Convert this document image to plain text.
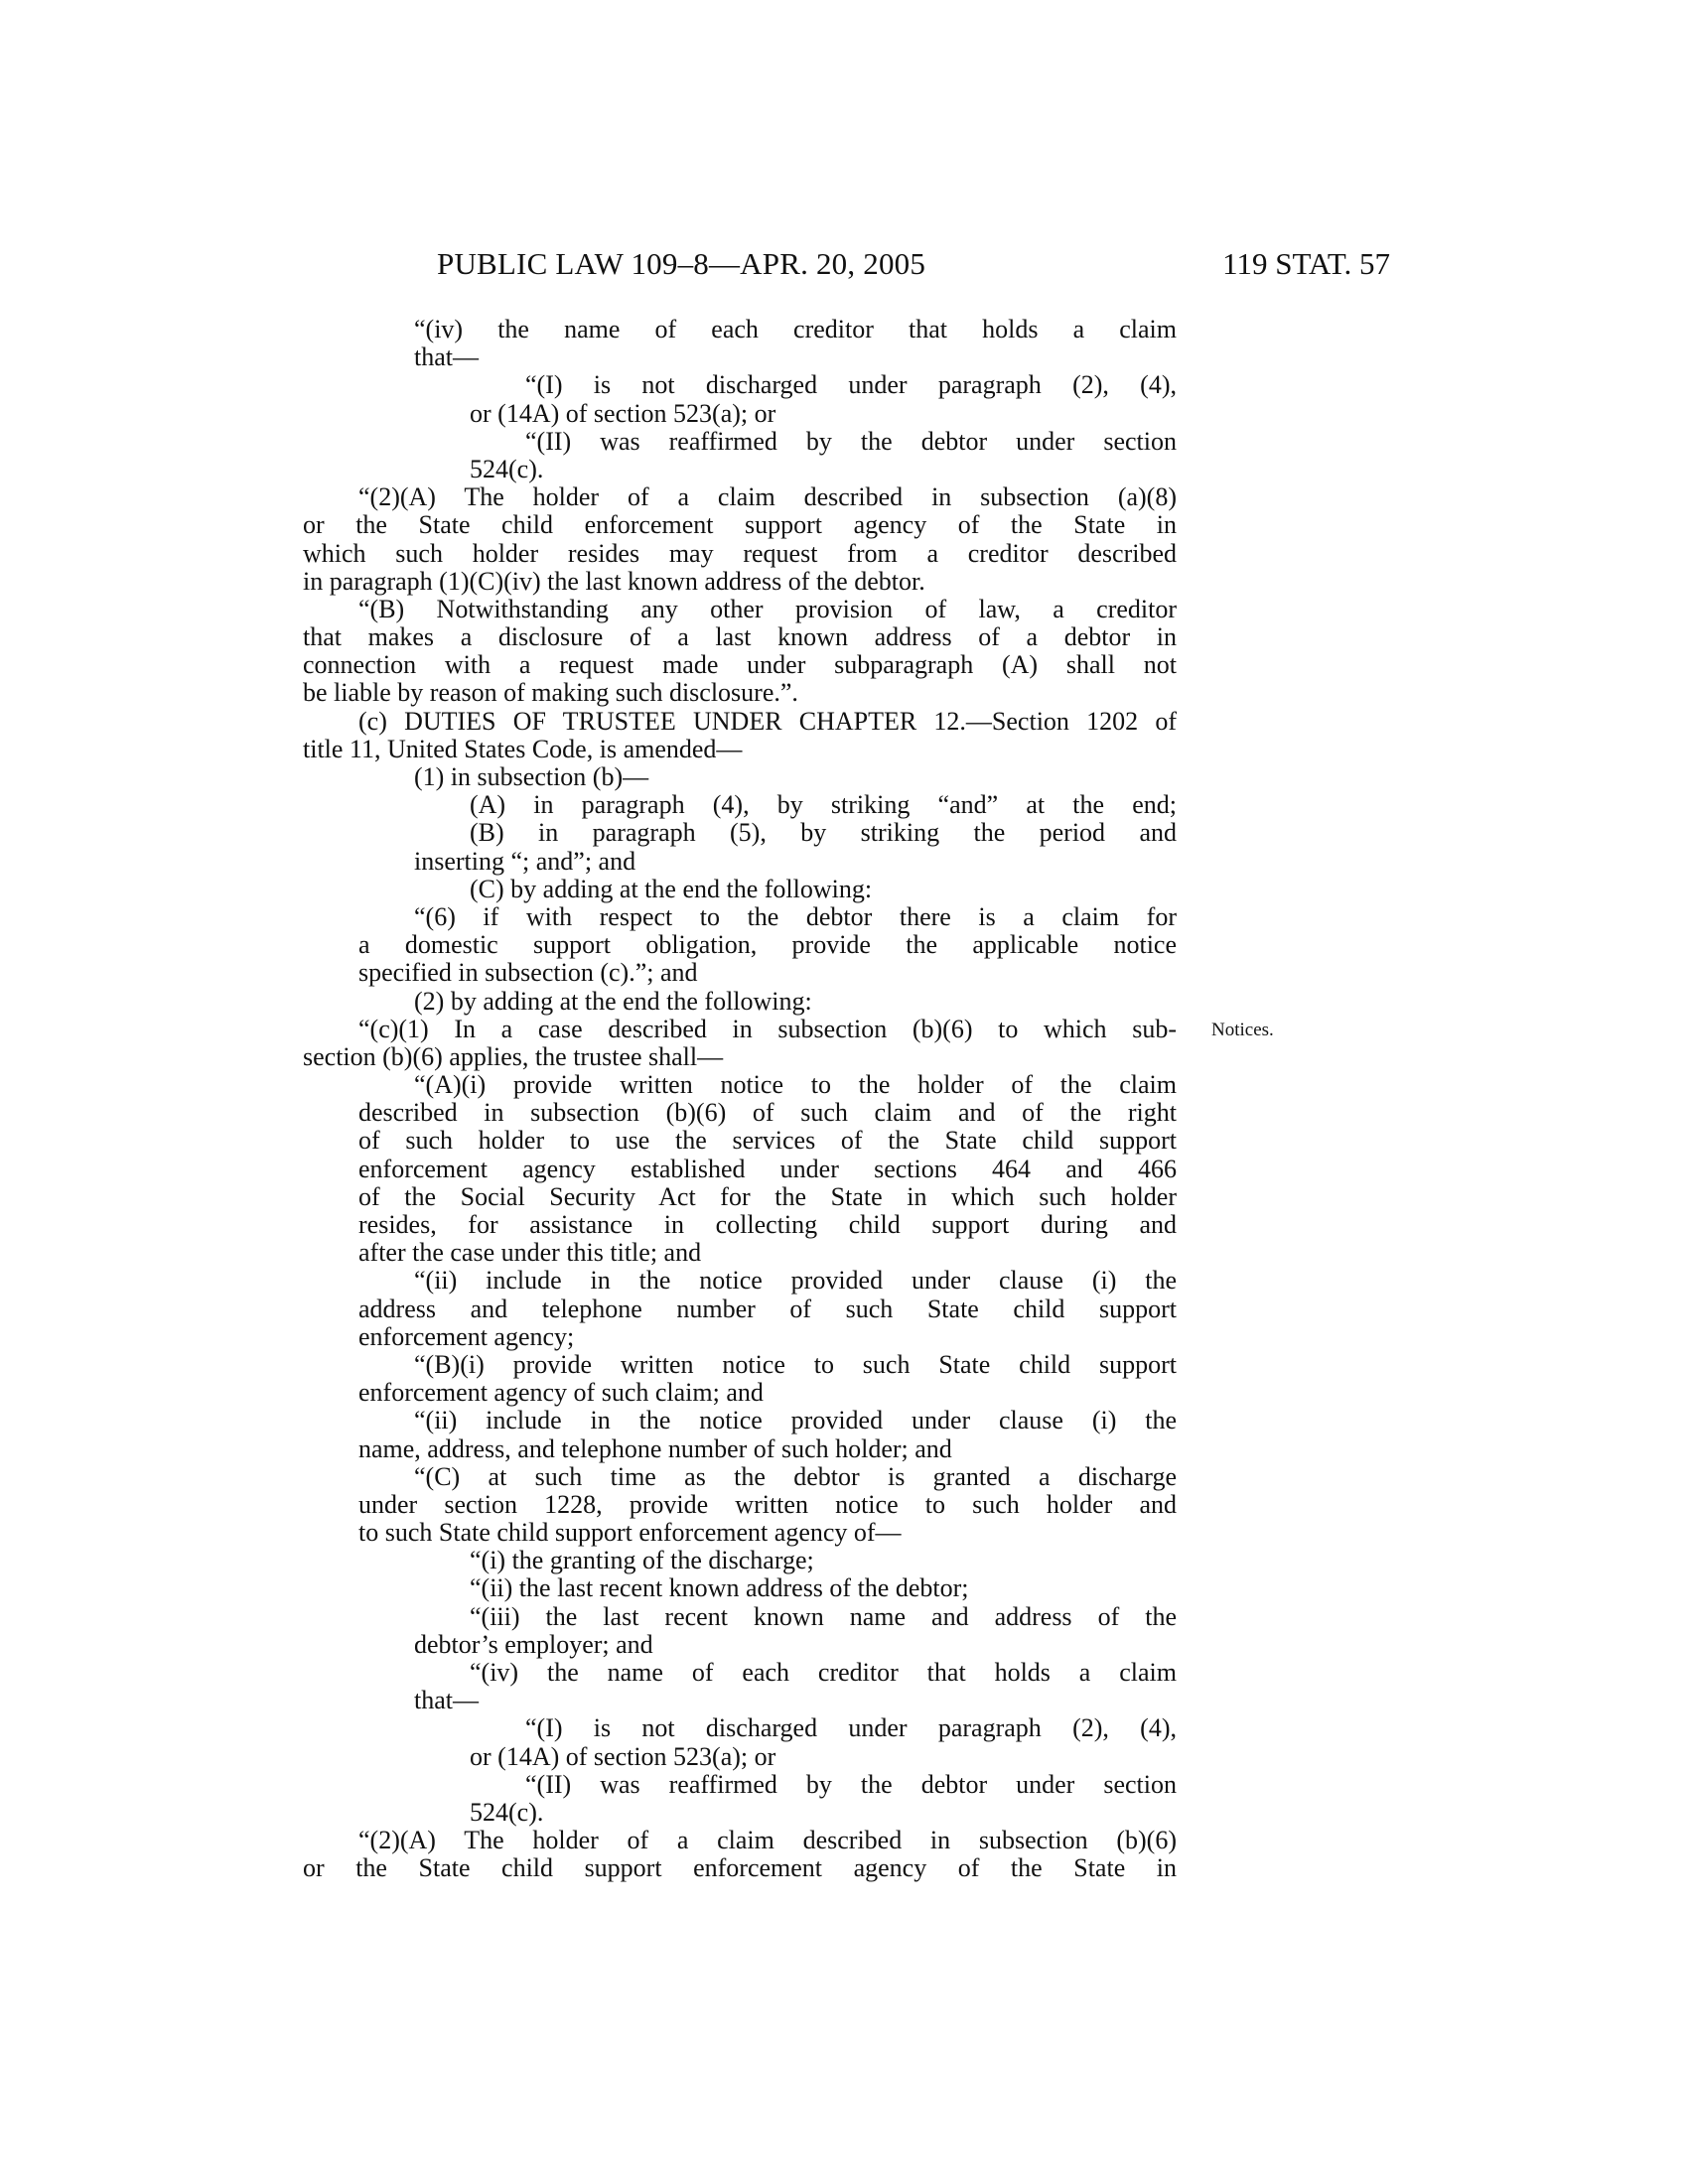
PUBLIC LAW 109–8—APR. 20, 2005	119 STAT. 57
Notices.
“(iv) the name of each creditor that holds a claim
that—
“(I) is not discharged under paragraph (2), (4),
or (14A) of section 523(a); or
“(II) was reaffirmed by the debtor under section
524(c).
“(2)(A) The holder of a claim described in subsection (a)(8)
or the State child enforcement support agency of the State in
which such holder resides may request from a creditor described
in paragraph (1)(C)(iv) the last known address of the debtor.
“(B) Notwithstanding any other provision of law, a creditor
that makes a disclosure of a last known address of a debtor in
connection with a request made under subparagraph (A) shall not
be liable by reason of making such disclosure.”.
(c) DUTIES OF TRUSTEE UNDER CHAPTER 12.—Section 1202 of
title 11, United States Code, is amended—
(1) in subsection (b)—
(A) in paragraph (4), by striking “and” at the end;
(B) in paragraph (5), by striking the period and
inserting “; and”; and
(C) by adding at the end the following:
“(6) if with respect to the debtor there is a claim for
a domestic support obligation, provide the applicable notice
specified in subsection (c).”; and
(2) by adding at the end the following:
“(c)(1) In a case described in subsection (b)(6) to which sub-
section (b)(6) applies, the trustee shall—
“(A)(i) provide written notice to the holder of the claim
described in subsection (b)(6) of such claim and of the right
of such holder to use the services of the State child support
enforcement agency established under sections 464 and 466
of the Social Security Act for the State in which such holder
resides, for assistance in collecting child support during and
after the case under this title; and
“(ii) include in the notice provided under clause (i) the
address and telephone number of such State child support
enforcement agency;
“(B)(i) provide written notice to such State child support
enforcement agency of such claim; and
“(ii) include in the notice provided under clause (i) the
name, address, and telephone number of such holder; and
“(C) at such time as the debtor is granted a discharge
under section 1228, provide written notice to such holder and
to such State child support enforcement agency of—
“(i) the granting of the discharge;
“(ii) the last recent known address of the debtor;
“(iii) the last recent known name and address of the
debtor’s employer; and
“(iv) the name of each creditor that holds a claim
that—
“(I) is not discharged under paragraph (2), (4),
or (14A) of section 523(a); or
“(II) was reaffirmed by the debtor under section
524(c).
“(2)(A) The holder of a claim described in subsection (b)(6)
or the State child support enforcement agency of the State in
